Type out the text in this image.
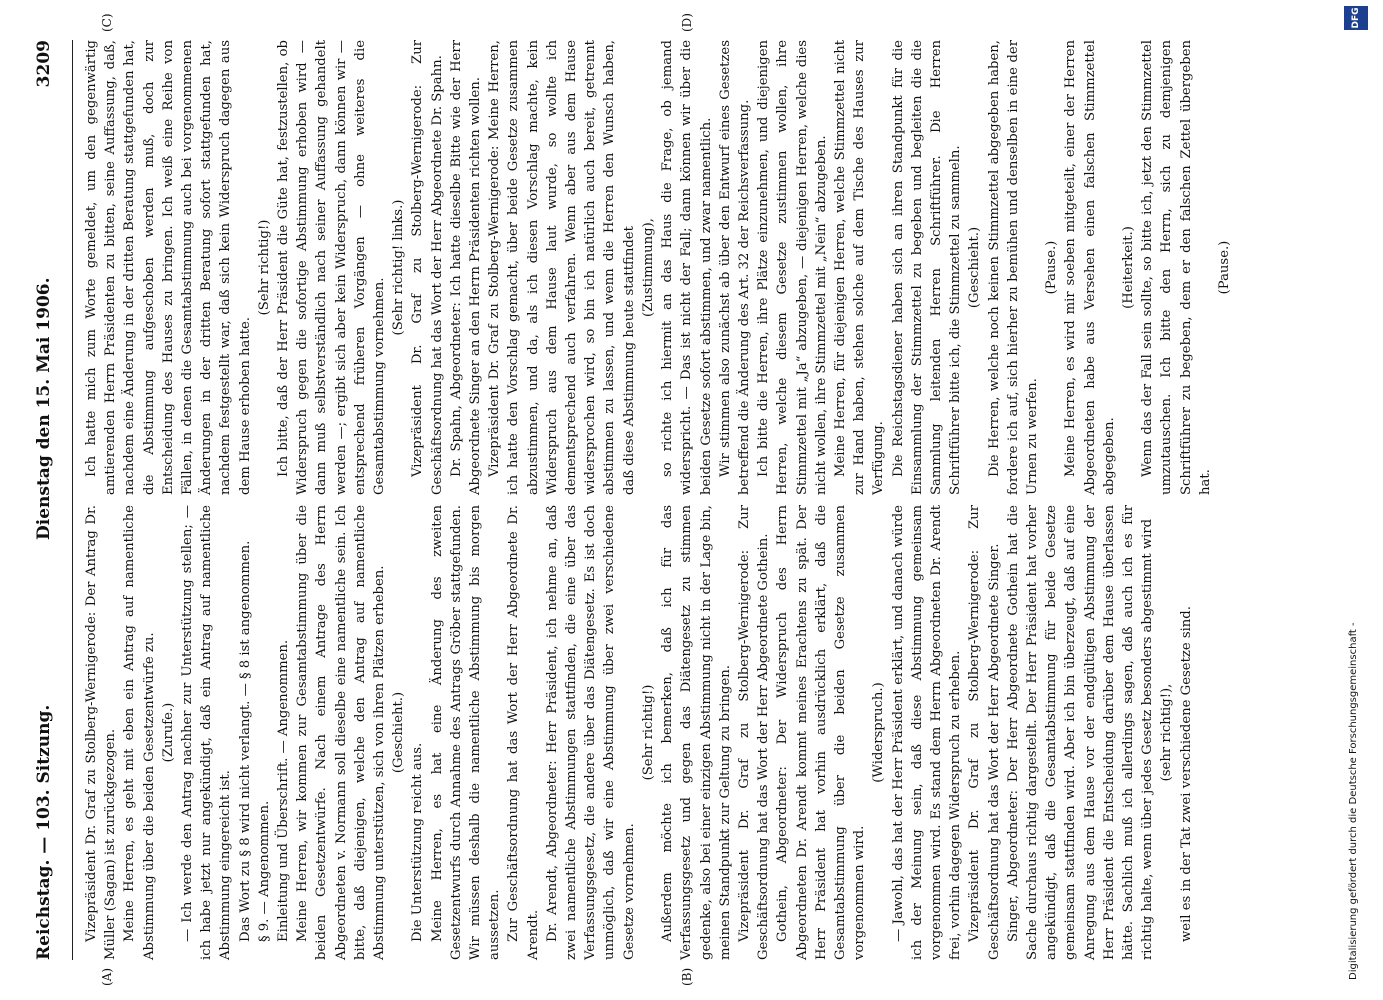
Reichstag. — 103. Sitzung.
Dienstag den 15. Mai 1906.
3209
(A)	(B)
(C)	(D)

Vizepräsident Dr. Graf zu Stolberg-Wernigerode: Der Antrag Dr. Müller (Sagan) ist zurückgezogen. Meine Herren, es geht mit eben ein Antrag auf namentliche Abstimmung über die beiden Gesetzentwürfe zu. (Zurufe.) — Ich werde den Antrag nachher zur Unterstützung stellen; — ich habe jetzt nur angekündigt, daß ein Antrag auf namentliche Abstimmung eingereicht ist. Das Wort zu § 8 wird nicht verlangt. — § 8 ist angenommen. § 9. — Angenommen. Einleitung und Überschrift. — Angenommen. Meine Herren, wir kommen zur Gesamtabstimmung über die beiden Gesetzentwürfe. Nach einem Antrage des Herrn Abgeordneten v. Normann soll dieselbe eine namentliche sein. Ich bitte, daß diejenigen, welche den Antrag auf namentliche Abstimmung unterstützen, sich von ihren Plätzen erheben. (Geschieht.)

Die Unterstützung reicht aus. Meine Herren, es hat eine Änderung des zweiten Gesetzentwurfs durch Annahme des Antrags Gröber stattgefunden. Wir müssen deshalb die namentliche Abstimmung bis morgen aussetzen. Zur Geschäftsordnung hat das Wort der Herr Abgeordnete Dr. Arendt. Dr. Arendt, Abgeordneter: Herr Präsident, ich nehme an, daß zwei namentliche Abstimmungen stattfinden, die eine über das Verfassungsgesetz, die andere über das Diätengesetz. Es ist doch unmöglich, daß wir eine Abstimmung über zwei verschiedene Gesetze vornehmen.

(Sehr richtig!) Außerdem möchte ich bemerken, daß ich für das Verfassungsgesetz und gegen das Diätengesetz zu stimmen gedenke, also bei einer einzigen Abstimmung nicht in der Lage bin, meinen Standpunkt zur Geltung zu bringen. Vizepräsident Dr. Graf zu Stolberg-Wernigerode: Zur Geschäftsordnung hat das Wort der Herr Abgeordnete Gothein. Gothein, Abgeordneter: Der Widerspruch des Herrn Abgeordneten Dr. Arendt kommt meines Erachtens zu spät. Der Herr Präsident hat vorhin ausdrücklich erklärt, daß die Gesamtabstimmung über die beiden Gesetze zusammen vorgenommen wird.

(Widerspruch.) — Jawohl, das hat der Herr Präsident erklärt, und danach würde ich der Meinung sein, daß diese Abstimmung gemeinsam vorgenommen wird. Es stand dem Herrn Abgeordneten Dr. Arendt frei, vorhin dagegen Widerspruch zu erheben. Vizepräsident Dr. Graf zu Stolberg-Wernigerode: Zur Geschäftsordnung hat das Wort der Herr Abgeordnete Singer. Singer, Abgeordneter: Der Herr Abgeordnete Gothein hat die Sache durchaus richtig dargestellt. Der Herr Präsident hat vorher angekündigt, daß die Gesamtabstimmung für beide Gesetze gemeinsam stattfinden wird. Aber ich bin überzeugt, daß auf eine Anregung aus dem Hause vor der endgültigen Abstimmung der Herr Präsident die Entscheidung darüber dem Hause überlassen hätte. Sachlich muß ich allerdings sagen, daß auch ich es für richtig halte, wenn über jedes Gesetz besonders abgestimmt wird (sehr richtig!), weil es in der Tat zwei verschiedene Gesetze sind.

Ich hatte mich zum Worte gemeldet, um den gegenwärtig amtierenden Herrn Präsidenten zu bitten, seine Auffassung, daß, nachdem eine Änderung in der dritten Beratung stattgefunden hat, die Abstimmung aufgeschoben werden muß, doch zur Entscheidung des Hauses zu bringen. Ich weiß eine Reihe von Fällen, in denen die Gesamtabstimmung auch bei vorgenommenen Änderungen in der dritten Beratung sofort stattgefunden hat, nachdem festgestellt war, daß sich kein Widerspruch dagegen aus dem Hause erhoben hatte.

(Sehr richtig!) Ich bitte, daß der Herr Präsident die Güte hat, festzustellen, ob Widerspruch gegen die sofortige Abstimmung erhoben wird — dann muß selbstverständlich nach seiner Auffassung gehandelt werden —; ergibt sich aber kein Widerspruch, dann können wir — entsprechend früheren Vorgängen — ohne weiteres die Gesamtabstimmung vornehmen.

(Sehr richtig! links.) Vizepräsident Dr. Graf zu Stolberg-Wernigerode: Zur Geschäftsordnung hat das Wort der Herr Abgeordnete Dr. Spahn. Dr. Spahn, Abgeordneter: Ich hatte dieselbe Bitte wie der Herr Abgeordnete Singer an den Herrn Präsidenten richten wollen. Vizepräsident Dr. Graf zu Stolberg-Wernigerode: Meine Herren, ich hatte den Vorschlag gemacht, über beide Gesetze zusammen abzustimmen, und da, als ich diesen Vorschlag machte, kein Widerspruch aus dem Hause laut wurde, so wollte ich dementsprechend auch verfahren. Wenn aber aus dem Hause widersprochen wird, so bin ich natürlich auch bereit, getrennt abstimmen zu lassen, und wenn die Herren den Wunsch haben, daß diese Abstimmung heute stattfindet (Zustimmung), so richte ich hiermit an das Haus die Frage, ob jemand widerspricht. — Das ist nicht der Fall; dann können wir über die beiden Gesetze sofort abstimmen, und zwar namentlich. Wir stimmen also zunächst ab über den Entwurf eines Gesetzes betreffend die Änderung des Art. 32 der Reichsverfassung. Ich bitte die Herren, ihre Plätze einzunehmen, und diejenigen Herren, welche diesem Gesetze zustimmen wollen, ihre Stimmzettel mit „Ja“ abzugeben, — diejenigen Herren, welche dies nicht wollen, ihre Stimmzettel mit „Nein“ abzugeben. Meine Herren, für diejenigen Herren, welche Stimmzettel nicht zur Hand haben, stehen solche auf dem Tische des Hauses zur Verfügung. Die Reichstagsdiener haben sich an ihren Standpunkt für die Einsammlung der Stimmzettel zu begeben und begleiten die die Sammlung leitenden Herren Schriftführer. Die Herren Schriftführer bitte ich, die Stimmzettel zu sammeln. (Geschieht.) Die Herren, welche noch keinen Stimmzettel abgegeben haben, fordere ich auf, sich hierher zu bemühen und denselben in eine der Urnen zu werfen.

(Pause.) Meine Herren, es wird mir soeben mitgeteilt, einer der Herren Abgeordneten habe aus Versehen einen falschen Stimmzettel abgegeben.

(Heiterkeit.) Wenn das der Fall sein sollte, so bitte ich, jetzt den Stimmzettel umzutauschen. Ich bitte den Herrn, sich zu demjenigen Schriftführer zu begeben, dem er den falschen Zettel übergeben hat.

(Pause.)

Digitalisierung gefördert durch die Deutsche Forschungsgemeinschaft -
DFG
